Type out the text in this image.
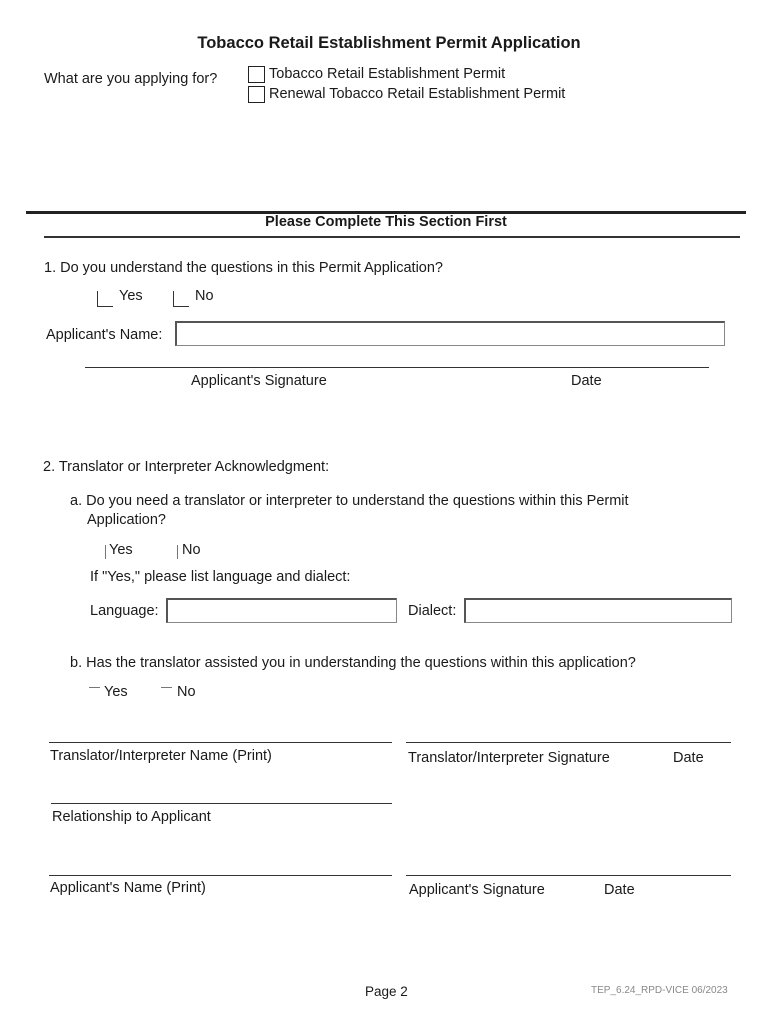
Tobacco Retail Establishment Permit Application
What are you applying for?	Tobacco Retail Establishment Permit
Renewal Tobacco Retail Establishment Permit
Please Complete This Section First
1. Do you understand the questions in this Permit Application?
Yes	No
Applicant's Name:
Applicant's Signature	Date
2. Translator or Interpreter Acknowledgment:
a. Do you need a translator or interpreter to understand the questions within this Permit
Application?
Yes	No
If "Yes," please list language and dialect:
Language:	Dialect:
b. Has the translator assisted you in understanding the questions within this application?
Yes	No
Translator/Interpreter Name (Print)	Translator/Interpreter Signature	Date
Relationship to Applicant
Applicant's Name (Print)	Applicant's Signature	Date
Page 2	TEP_6.24_RPD-VICE 06/2023
